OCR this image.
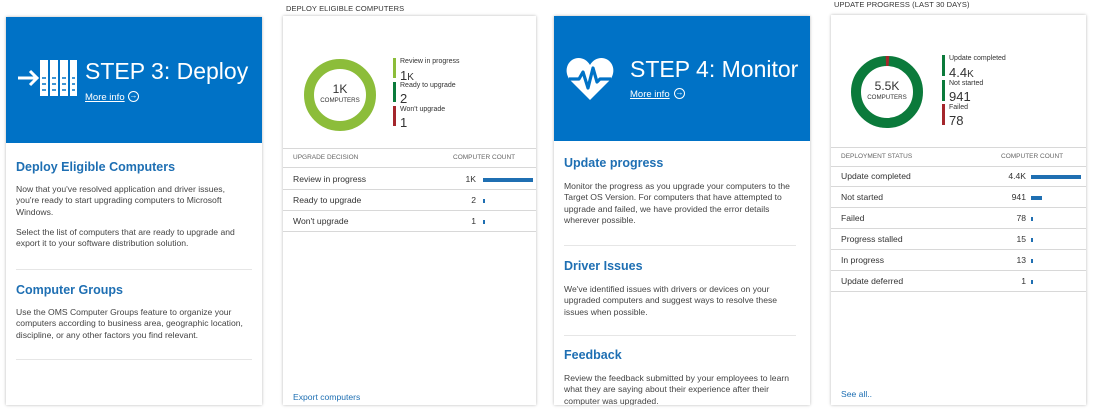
STEP 3: Deploy
More info →
Deploy Eligible Computers
Now that you've resolved application and driver issues, you're ready to start upgrading computers to Microsoft Windows.
Select the list of computers that are ready to upgrade and export it to your software distribution solution.
Computer Groups
Use the OMS Computer Groups feature to organize your computers according to business area, geographic location, discipline, or any other factors you find relevant.
DEPLOY ELIGIBLE COMPUTERS
1K
COMPUTERS
Review in progress
1K
Ready to upgrade
2
Won't upgrade
1
UPGRADE DECISION	COMPUTER COUNT
Review in progress	1K
Ready to upgrade	2
Won't upgrade	1
Export computers
STEP 4: Monitor
More info →
Update progress
Monitor the progress as you upgrade your computers to the Target OS Version. For computers that have attempted to upgrade and failed, we have provided the error details wherever possible.
Driver Issues
We've identified issues with drivers or devices on your upgraded computers and suggest ways to resolve these issues when possible.
Feedback
Review the feedback submitted by your employees to learn what they are saying about their experience after their computer was upgraded.
UPDATE PROGRESS (LAST 30 DAYS)
5.5K
COMPUTERS
Update completed
4.4K
Not started
941
Failed
78
DEPLOYMENT STATUS	COMPUTER COUNT
Update completed	4.4K
Not started	941
Failed	78
Progress stalled	15
In progress	13
Update deferred	1
See all..
